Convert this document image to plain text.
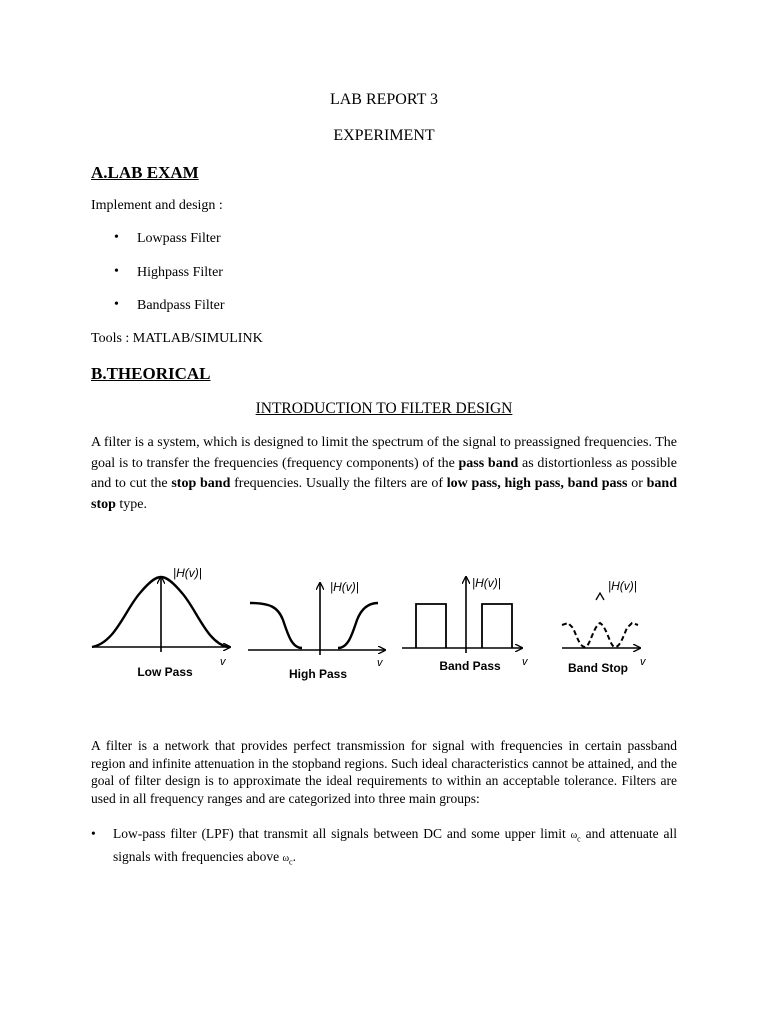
LAB REPORT 3
EXPERIMENT
A.LAB EXAM
Implement and design :
• Lowpass Filter
• Highpass Filter
• Bandpass Filter
Tools : MATLAB/SIMULINK
B.THEORICAL
INTRODUCTION TO FILTER DESIGN
A filter is a system, which is designed to limit the spectrum of the signal to preassigned frequencies. The goal is to transfer the frequencies (frequency components) of the pass band as distortionless as possible and to cut the stop band frequencies. Usually the filters are of low pass, high pass, band pass or band stop type.
|H(v)|
v
Low Pass
|H(v)|
v
High Pass
|H(v)|
v
Band Pass
|H(v)|
v
Band Stop
A filter is a network that provides perfect transmission for signal with frequencies in certain passband region and infinite attenuation in the stopband regions. Such ideal characteristics cannot be attained, and the goal of filter design is to approximate the ideal requirements to within an acceptable tolerance. Filters are used in all frequency ranges and are categorized into three main groups:
• Low-pass filter (LPF) that transmit all signals between DC and some upper limit $\omega_c$ and attenuate all signals with frequencies above $\omega_c$.
